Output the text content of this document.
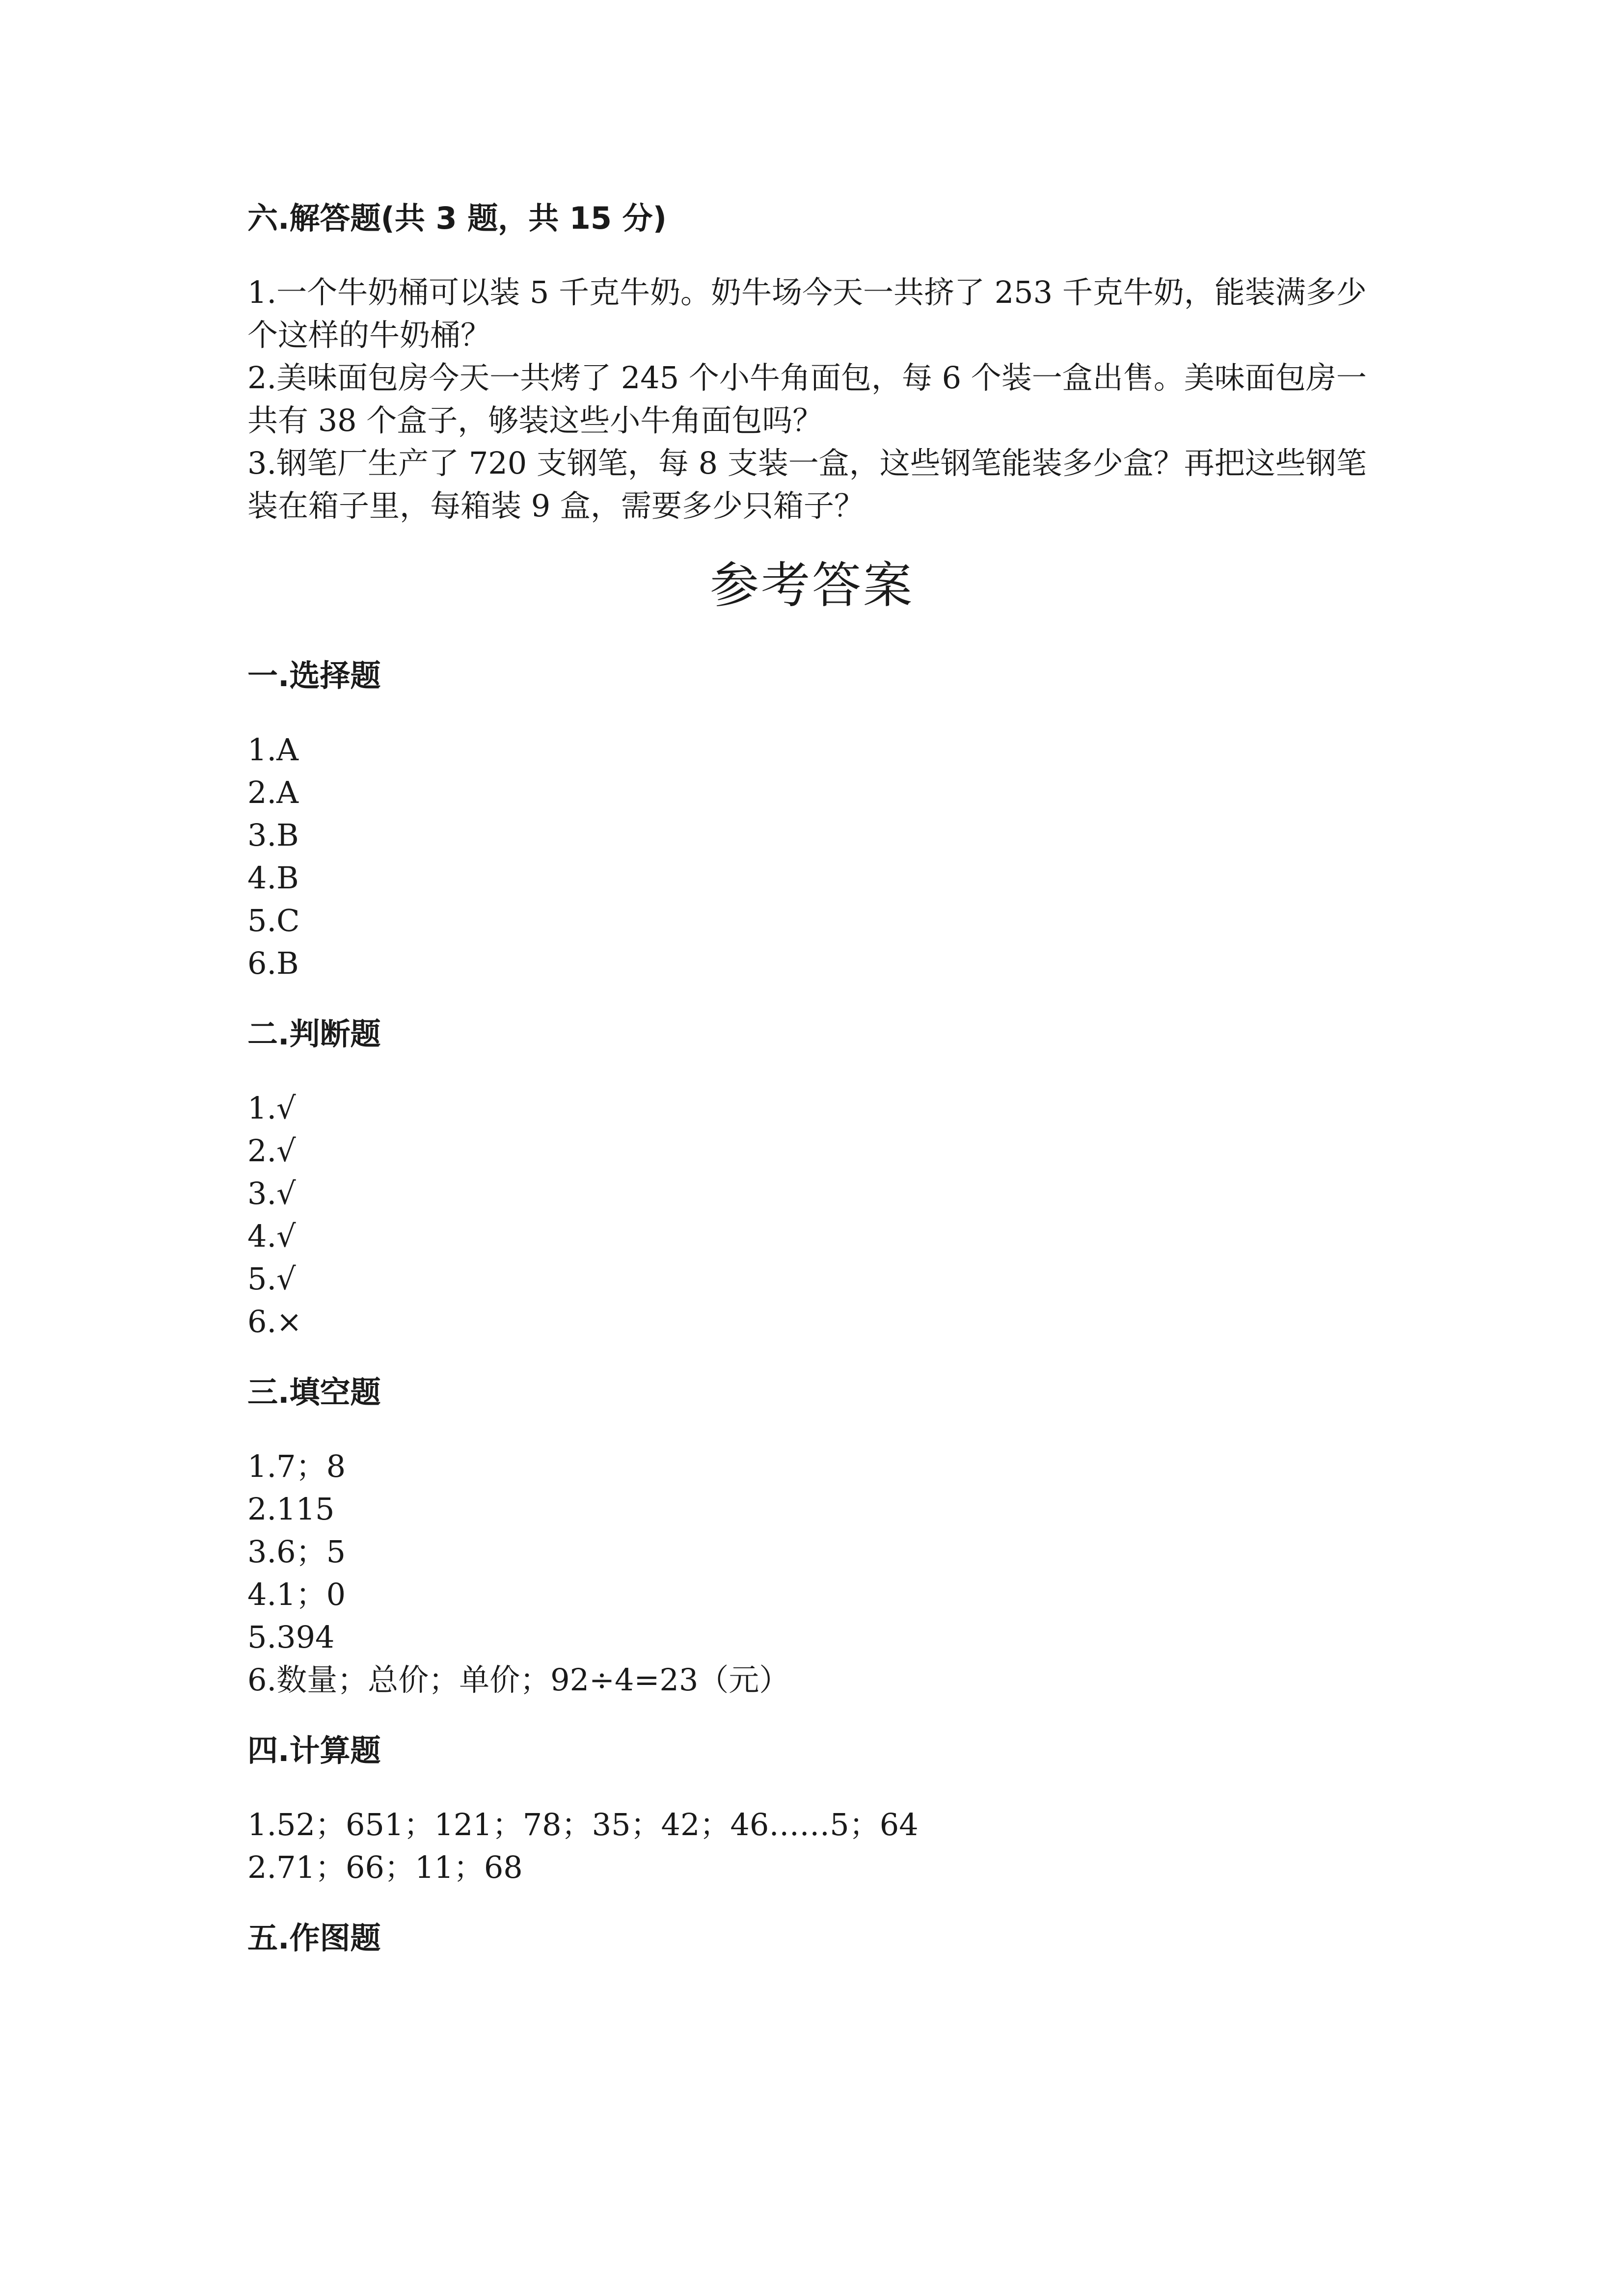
六.解答题(共 3 题，共 15 分)

1.一个牛奶桶可以装 5 千克牛奶。奶牛场今天一共挤了 253 千克牛奶，能装满多少个这样的牛奶桶？

2.美味面包房今天一共烤了 245 个小牛角面包，每 6 个装一盒出售。美味面包房一共有 38 个盒子，够装这些小牛角面包吗？

3.钢笔厂生产了 720 支钢笔，每 8 支装一盒，这些钢笔能装多少盒？再把这些钢笔装在箱子里，每箱装 9 盒，需要多少只箱子？

参考答案

一.选择题

1.A

2.A

3.B

4.B

5.C

6.B

二.判断题

1.√

2.√

3.√

4.√

5.√

6.×

三.填空题

1.7；8

2.115

3.6；5

4.1；0

5.394

6.数量；总价；单价；92÷4=23（元）

四.计算题

1.52；651；121；78；35；42；46……5；64

2.71；66；11；68

五.作图题
